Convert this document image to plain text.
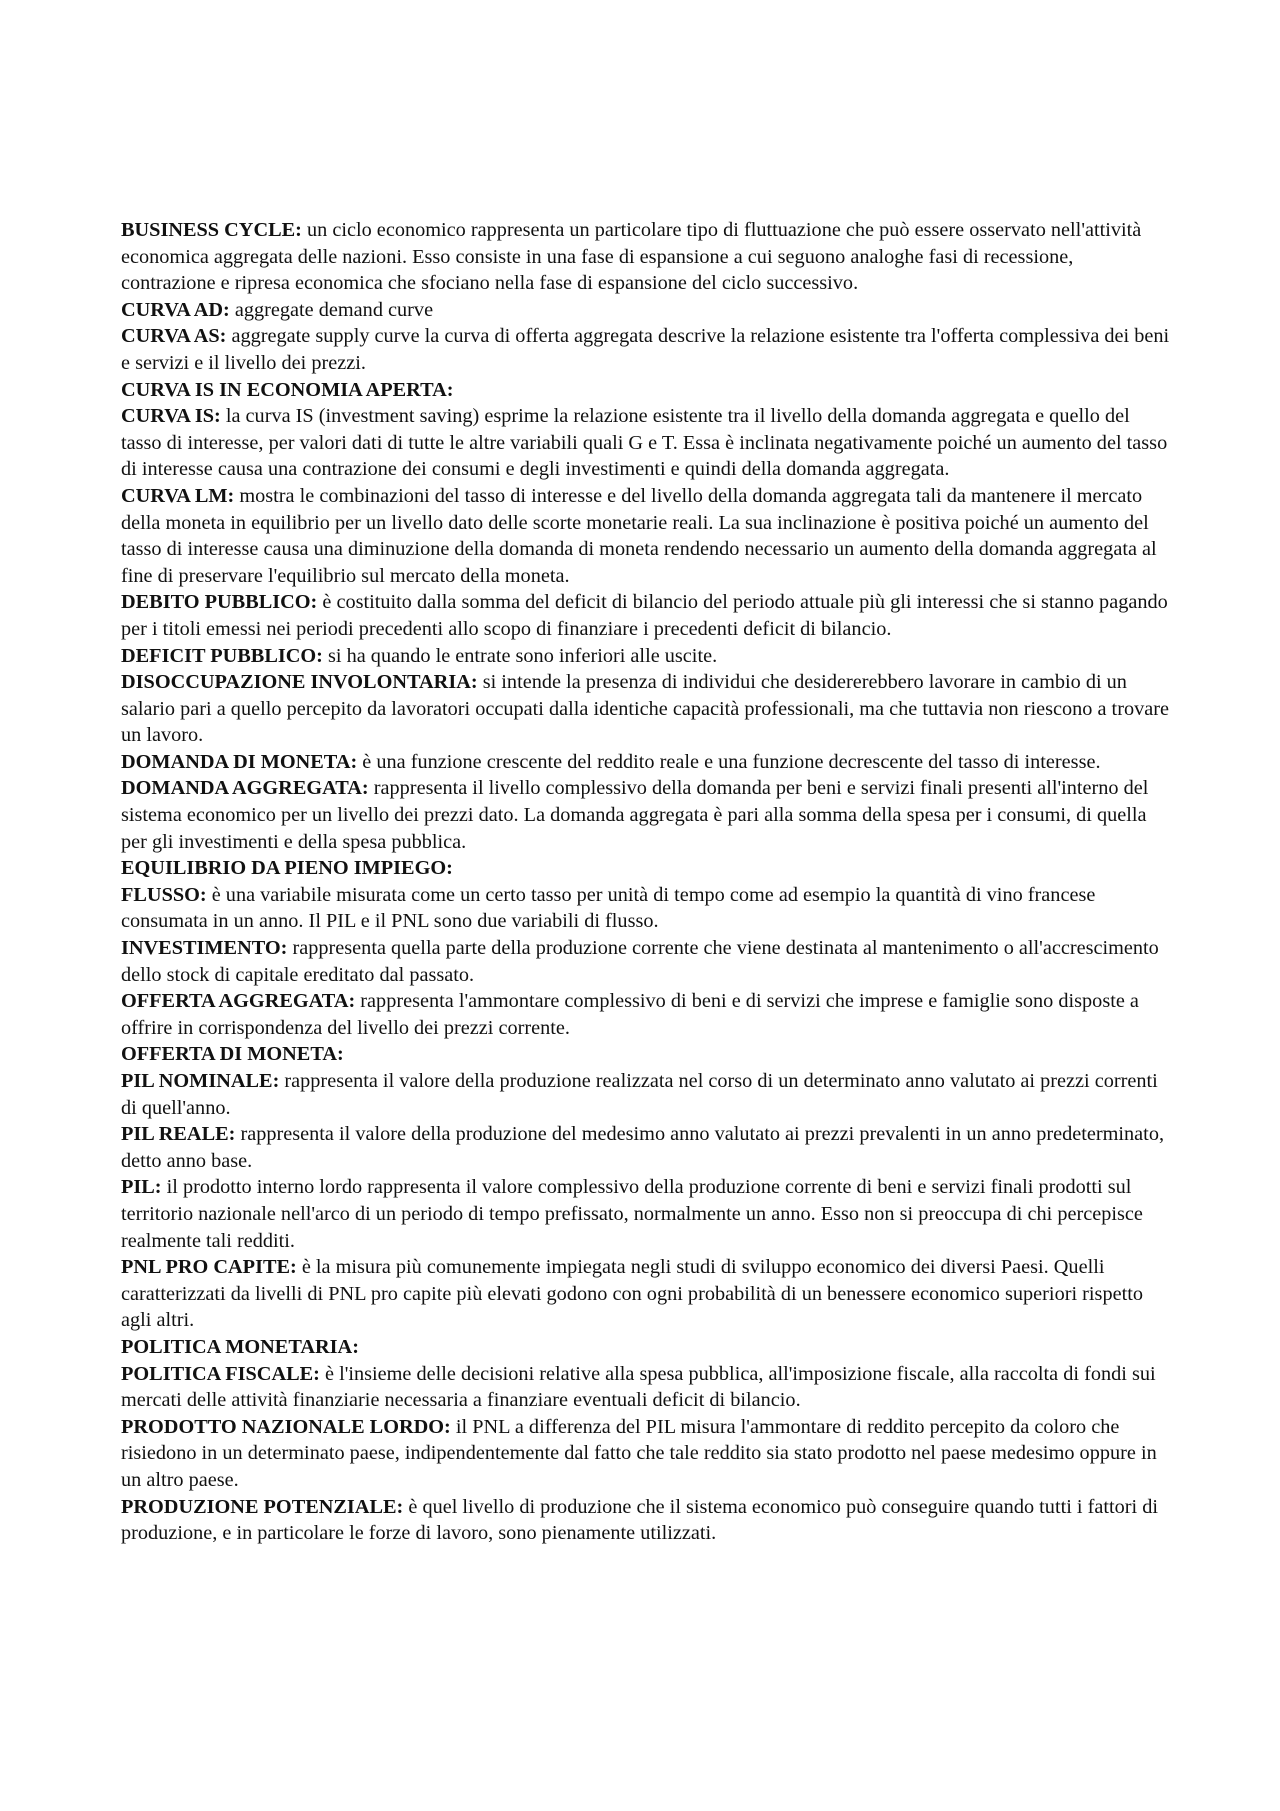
BUSINESS CYCLE: un ciclo economico rappresenta un particolare tipo di fluttuazione che può essere osservato nell'attività economica aggregata delle nazioni. Esso consiste in una fase di espansione a cui seguono analoghe fasi di recessione, contrazione e ripresa economica che sfociano nella fase di espansione del ciclo successivo.

CURVA AD: aggregate demand curve

CURVA AS: aggregate supply curve la curva di offerta aggregata descrive la relazione esistente tra l'offerta complessiva dei beni e servizi e il livello dei prezzi.

CURVA IS IN ECONOMIA APERTA:

CURVA IS: la curva IS (investment saving) esprime la relazione esistente tra il livello della domanda aggregata e quello del tasso di interesse, per valori dati di tutte le altre variabili quali G e T. Essa è inclinata negativamente poiché un aumento del tasso di interesse causa una contrazione dei consumi e degli investimenti e quindi della domanda aggregata.

CURVA LM: mostra le combinazioni del tasso di interesse e del livello della domanda aggregata tali da mantenere il mercato della moneta in equilibrio per un livello dato delle scorte monetarie reali. La sua inclinazione è positiva poiché un aumento del tasso di interesse causa una diminuzione della domanda di moneta rendendo necessario un aumento della domanda aggregata al fine di preservare l'equilibrio sul mercato della moneta.

DEBITO PUBBLICO: è costituito dalla somma del deficit di bilancio del periodo attuale più gli interessi che si stanno pagando per i titoli emessi nei periodi precedenti allo scopo di finanziare i precedenti deficit di bilancio.

DEFICIT PUBBLICO: si ha quando le entrate sono inferiori alle uscite.

DISOCCUPAZIONE INVOLONTARIA: si intende la presenza di individui che desidererebbero lavorare in cambio di un salario pari a quello percepito da lavoratori occupati dalla identiche capacità professionali, ma che tuttavia non riescono a trovare un lavoro.

DOMANDA DI MONETA: è una funzione crescente del reddito reale e una funzione decrescente del tasso di interesse.

DOMANDA AGGREGATA: rappresenta il livello complessivo della domanda per beni e servizi finali presenti all'interno del sistema economico per un livello dei prezzi dato. La domanda aggregata è pari alla somma della spesa per i consumi, di quella per gli investimenti e della spesa pubblica.

EQUILIBRIO DA PIENO IMPIEGO:

FLUSSO: è una variabile misurata come un certo tasso per unità di tempo come ad esempio la quantità di vino francese consumata in un anno. Il PIL e il PNL sono due variabili di flusso.

INVESTIMENTO: rappresenta quella parte della produzione corrente che viene destinata al mantenimento o all'accrescimento dello stock di capitale ereditato dal passato.

OFFERTA AGGREGATA: rappresenta l'ammontare complessivo di beni e di servizi che imprese e famiglie sono disposte a offrire in corrispondenza del livello dei prezzi corrente.

OFFERTA DI MONETA:

PIL NOMINALE: rappresenta il valore della produzione realizzata nel corso di un determinato anno valutato ai prezzi correnti di quell'anno.

PIL REALE: rappresenta il valore della produzione del medesimo anno valutato ai prezzi prevalenti in un anno predeterminato, detto anno base.

PIL: il prodotto interno lordo rappresenta il valore complessivo della produzione corrente di beni e servizi finali prodotti sul territorio nazionale nell'arco di un periodo di tempo prefissato, normalmente un anno. Esso non si preoccupa di chi percepisce realmente tali redditi.

PNL PRO CAPITE: è la misura più comunemente impiegata negli studi di sviluppo economico dei diversi Paesi. Quelli caratterizzati da livelli di PNL pro capite più elevati godono con ogni probabilità di un benessere economico superiori rispetto agli altri.

POLITICA MONETARIA:

POLITICA FISCALE: è l'insieme delle decisioni relative alla spesa pubblica, all'imposizione fiscale, alla raccolta di fondi sui mercati delle attività finanziarie necessaria a finanziare eventuali deficit di bilancio.

PRODOTTO NAZIONALE LORDO: il PNL a differenza del PIL misura l'ammontare di reddito percepito da coloro che risiedono in un determinato paese, indipendentemente dal fatto che tale reddito sia stato prodotto nel paese medesimo oppure in un altro paese.

PRODUZIONE POTENZIALE: è quel livello di produzione che il sistema economico può conseguire quando tutti i fattori di produzione, e in particolare le forze di lavoro, sono pienamente utilizzati.
